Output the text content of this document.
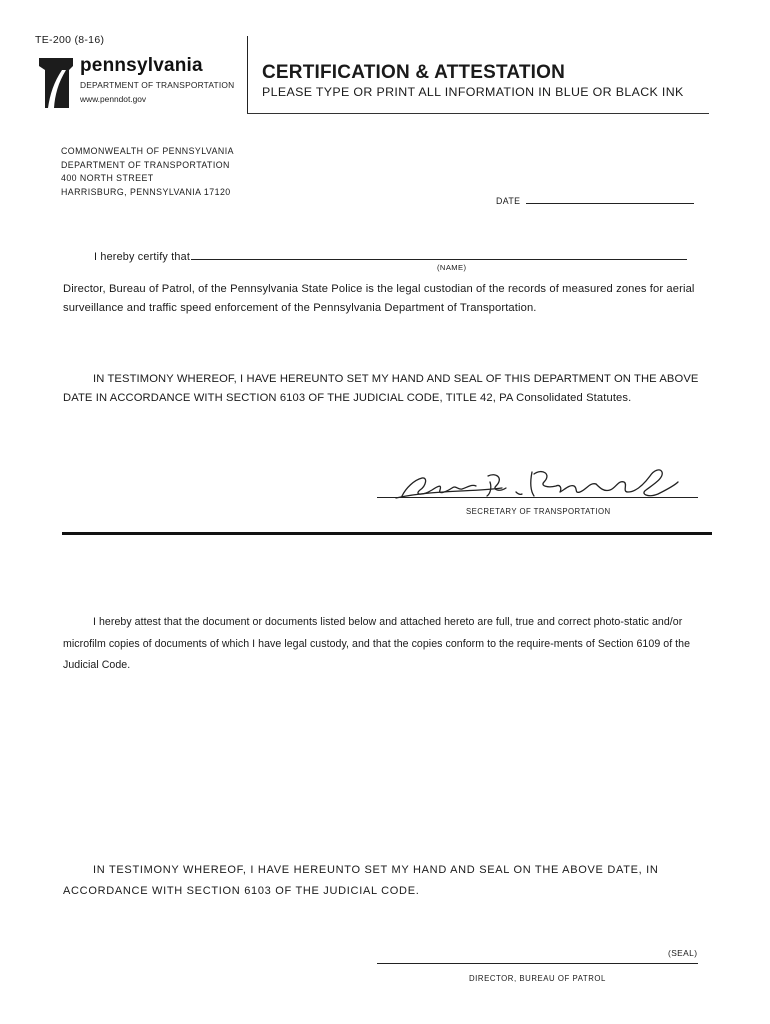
TE-200 (8-16)
pennsylvania
DEPARTMENT OF TRANSPORTATION
www.penndot.gov
CERTIFICATION & ATTESTATION
PLEASE TYPE OR PRINT ALL INFORMATION IN BLUE OR BLACK INK
COMMONWEALTH OF PENNSYLVANIA
DEPARTMENT OF TRANSPORTATION
400 NORTH STREET
HARRISBURG, PENNSYLVANIA 17120
DATE
I hereby certify that
(NAME)
Director, Bureau of Patrol, of the Pennsylvania State Police is the legal custodian of the records of measured zones for aerial surveillance and traffic speed enforcement of the Pennsylvania Department of Transportation.
IN TESTIMONY WHEREOF, I HAVE HEREUNTO SET MY HAND AND SEAL OF THIS DEPARTMENT ON THE ABOVE DATE IN ACCORDANCE WITH SECTION 6103 OF THE JUDICIAL CODE, TITLE 42, PA Consolidated Statutes.
SECRETARY OF TRANSPORTATION
I hereby attest that the document or documents listed below and attached hereto are full, true and correct photo-static and/or microfilm copies of documents of which I have legal custody, and that the copies conform to the require-ments of Section 6109 of the Judicial Code.
IN TESTIMONY WHEREOF, I HAVE HEREUNTO SET MY HAND AND SEAL ON THE ABOVE DATE, IN ACCORDANCE WITH SECTION 6103 OF THE JUDICIAL CODE.
(SEAL)
DIRECTOR, BUREAU OF PATROL
